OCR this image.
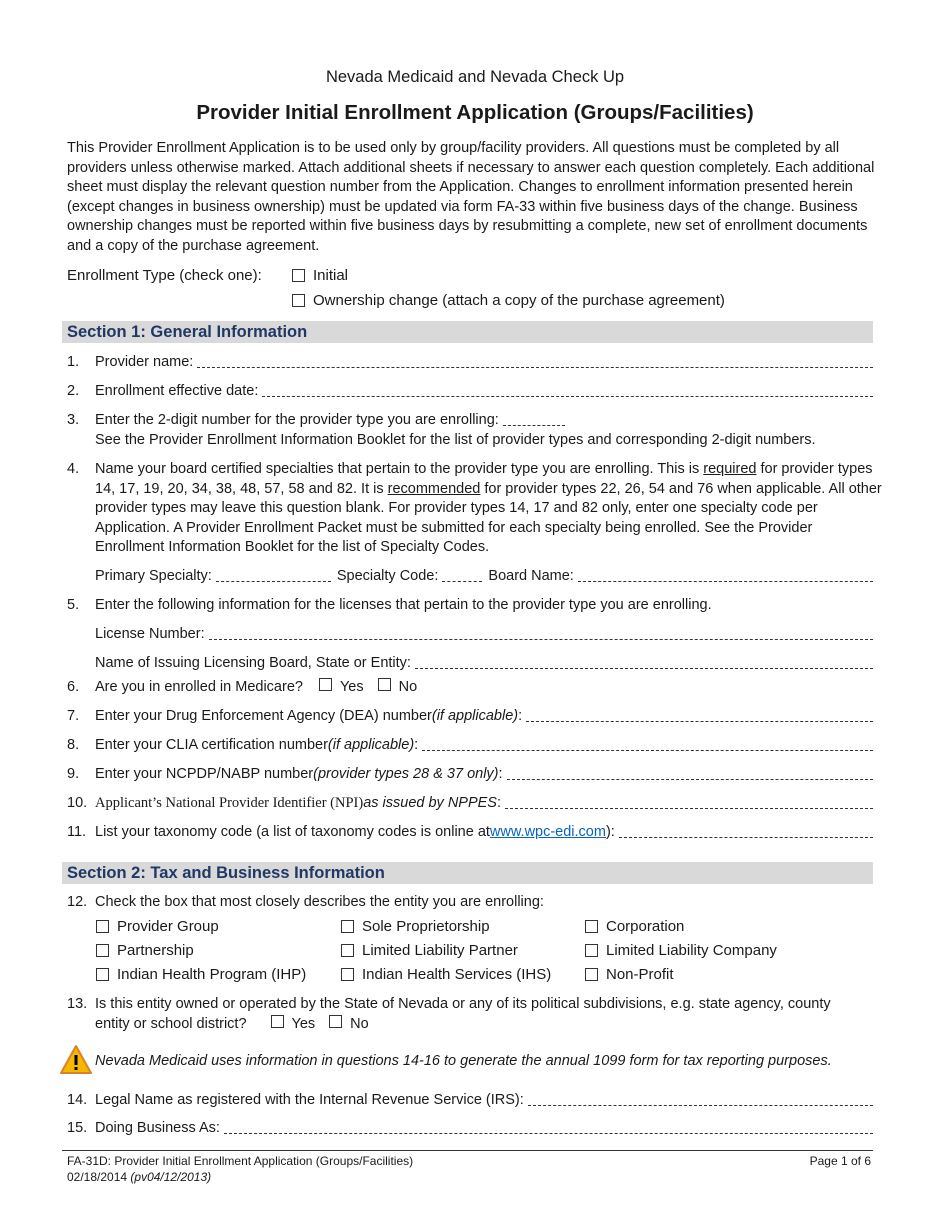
Nevada Medicaid and Nevada Check Up
Provider Initial Enrollment Application (Groups/Facilities)
This Provider Enrollment Application is to be used only by group/facility providers. All questions must be completed by all providers unless otherwise marked. Attach additional sheets if necessary to answer each question completely. Each additional sheet must display the relevant question number from the Application. Changes to enrollment information presented herein (except changes in business ownership) must be updated via form FA-33 within five business days of the change. Business ownership changes must be reported within five business days by resubmitting a complete, new set of enrollment documents and a copy of the purchase agreement.
Enrollment Type (check one):	Initial
Ownership change (attach a copy of the purchase agreement)
Section 1: General Information
1.	Provider name:
2.	Enrollment effective date:
3.	Enter the 2-digit number for the provider type you are enrolling:
See the Provider Enrollment Information Booklet for the list of provider types and corresponding 2-digit numbers.
4.	Name your board certified specialties that pertain to the provider type you are enrolling. This is required for provider types 14, 17, 19, 20, 34, 38, 48, 57, 58 and 82. It is recommended for provider types 22, 26, 54 and 76 when applicable. All other provider types may leave this question blank. For provider types 14, 17 and 82 only, enter one specialty code per Application. A Provider Enrollment Packet must be submitted for each specialty being enrolled. See the Provider Enrollment Information Booklet for the list of Specialty Codes.
Primary Specialty:	Specialty Code:	Board Name:
5.	Enter the following information for the licenses that pertain to the provider type you are enrolling.
License Number:
Name of Issuing Licensing Board, State or Entity:
6.	Are you in enrolled in Medicare?	Yes No
7.	Enter your Drug Enforcement Agency (DEA) number (if applicable) :
8.	Enter your CLIA certification number (if applicable) :
9.	Enter your NCPDP/NABP number (provider types 28 & 37 only) :
10. Applicant’s National Provider Identifier (NPI) as issued by NPPES :
11. List your taxonomy code (a list of taxonomy codes is online at www.wpc-edi.com ):
Section 2: Tax and Business Information
12. Check the box that most closely describes the entity you are enrolling:
Provider Group	Sole Proprietorship	Corporation
Partnership	Limited Liability Partner	Limited Liability Company
Indian Health Program (IHP)	Indian Health Services (IHS)	Non-Profit
13. Is this entity owned or operated by the State of Nevada or any of its political subdivisions, e.g. state agency, county
entity or school district?	Yes No
Nevada Medicaid uses information in questions 14-16 to generate the annual 1099 form for tax reporting purposes.
14. Legal Name as registered with the Internal Revenue Service (IRS):
15. Doing Business As:
FA-31D: Provider Initial Enrollment Application (Groups/Facilities)
02/18/2014 (pv04/12/2013)
Page 1 of 6
